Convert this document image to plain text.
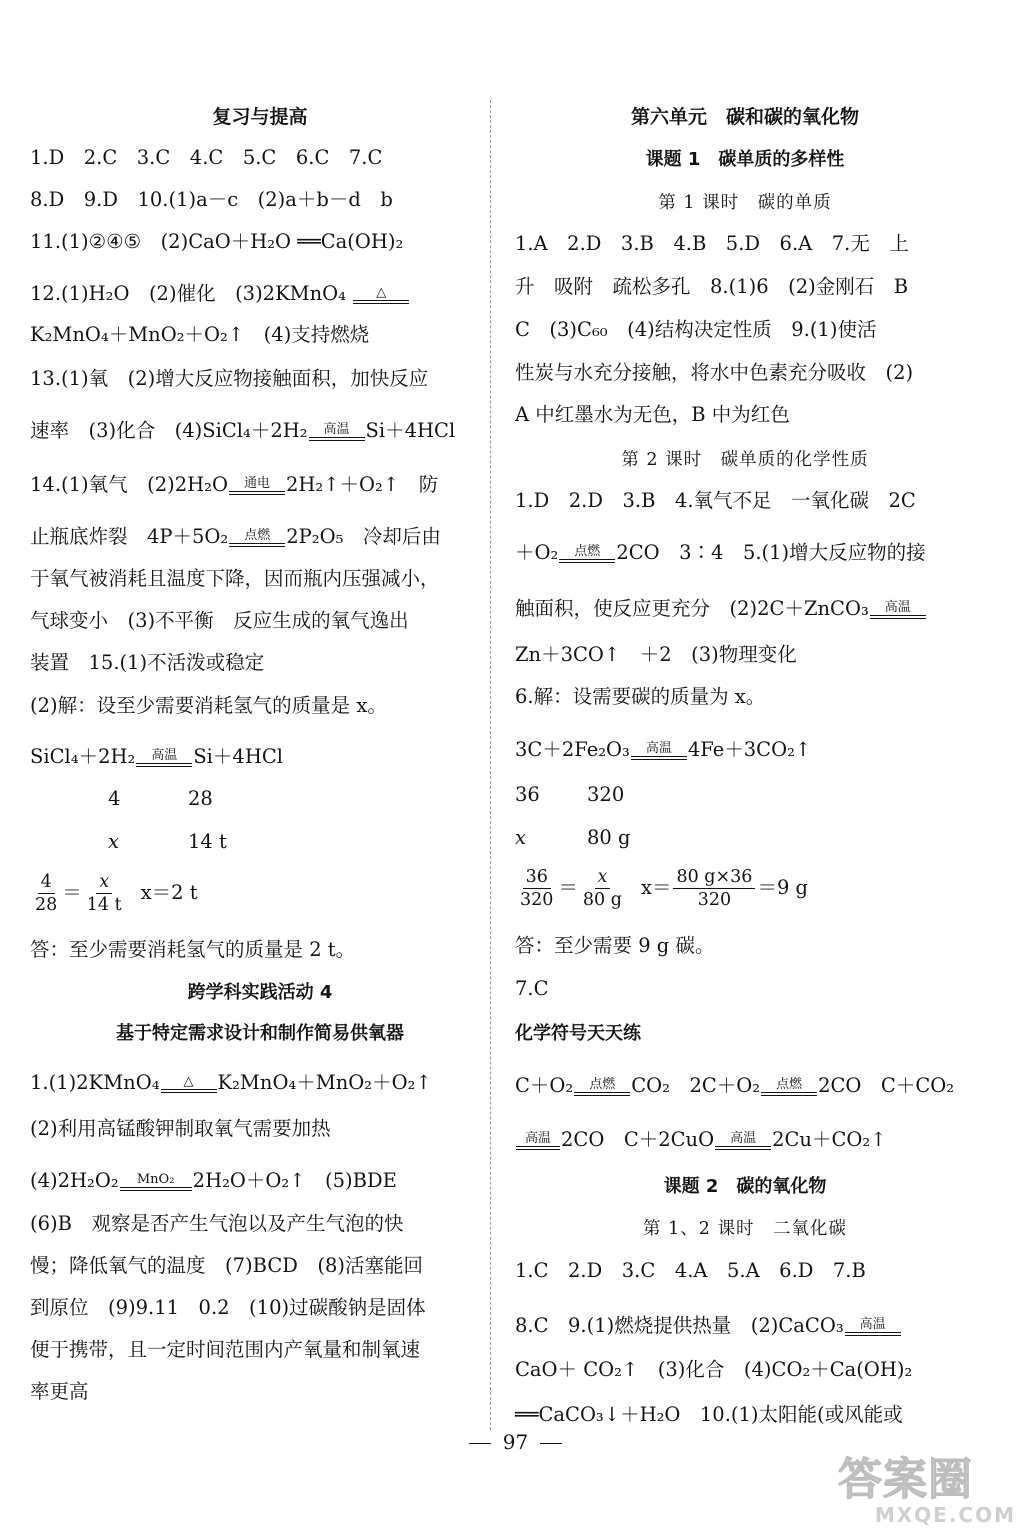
复习与提高
1.D　2.C　3.C　4.C　5.C　6.C　7.C
8.D　9.D　10.(1)a－c　(2)a＋b－d　b
11.(1)②④⑤　(2)CaO＋H₂O ══Ca(OH)₂
12.(1)H₂O　(2)催化　(3)2KMnO₄ △
K₂MnO₄＋MnO₂＋O₂↑　(4)支持燃烧
13.(1)氧　(2)增大反应物接触面积，加快反应
速率　(3)化合　(4)SiCl₄＋2H₂ 高温 Si＋4HCl
14.(1)氧气　(2)2H₂O 通电 2H₂↑＋O₂↑　防
止瓶底炸裂　4P＋5O₂ 点燃 2P₂O₅　冷却后由
于氧气被消耗且温度下降，因而瓶内压强减小，
气球变小　(3)不平衡　反应生成的氧气逸出
装置　15.(1)不活泼或稳定
(2)解：设至少需要消耗氢气的质量是 x。
SiCl₄＋2H₂ 高温 Si＋4HCl
4	28
x	14 t
$\frac{4}{28} = \frac{x}{14 t} x=2$ t
答：至少需要消耗氢气的质量是 2 t。
跨学科实践活动 4
基于特定需求设计和制作简易供氧器
1.(1)2KMnO₄ △ K₂MnO₄＋MnO₂＋O₂↑
(2)利用高锰酸钾制取氧气需要加热
(4)2H₂O₂ MnO₂ 2H₂O＋O₂↑　(5)BDE
(6)B　观察是否产生气泡以及产生气泡的快
慢；降低氧气的温度　(7)BCD　(8)活塞能回
到原位　(9)9.11　0.2　(10)过碳酸钠是固体
便于携带，且一定时间范围内产氧量和制氧速
率更高
第六单元　碳和碳的氧化物
课题 1　碳单质的多样性
第 1 课时　碳的单质
1.A　2.D　3.B　4.B　5.D　6.A　7.无　上
升　吸附　疏松多孔　8.(1)6　(2)金刚石　B
C　(3)C₆₀　(4)结构决定性质　9.(1)使活
性炭与水充分接触，将水中色素充分吸收　(2)
A 中红墨水为无色，B 中为红色
第 2 课时　碳单质的化学性质
1.D　2.D　3.B　4.氧气不足　一氧化碳　2C
＋O₂ 点燃 2CO　3∶4　5.(1)增大反应物的接
触面积，使反应更充分　(2)2C＋ZnCO₃ 高温
Zn＋3CO↑　＋2　(3)物理变化
6.解：设需要碳的质量为 x。
3C＋2Fe₂O₃ 高温 4Fe＋3CO₂↑
36 320
x	80 g
$\frac{36}{320} = \frac{x}{80 g} x= \frac{80 g\times 36}{320} =9$ g
答：至少需要 9 g 碳。
7.C
化学符号天天练
C＋O₂ 点燃 CO₂　2C＋O₂ 点燃 2CO　C＋CO₂
高温 2CO　C＋2CuO 高温 2Cu＋CO₂↑
课题 2　碳的氧化物
第 1、2 课时　二氧化碳
1.C　2.D　3.C　4.A　5.A　6.D　7.B
8.C　9.(1)燃烧提供热量　(2)CaCO₃ 高温
CaO＋ CO₂↑　(3)化合　(4)CO₂＋Ca(OH)₂
══CaCO₃↓＋H₂O　10.(1)太阳能(或风能或
97
答案圈
MXQE.COM
